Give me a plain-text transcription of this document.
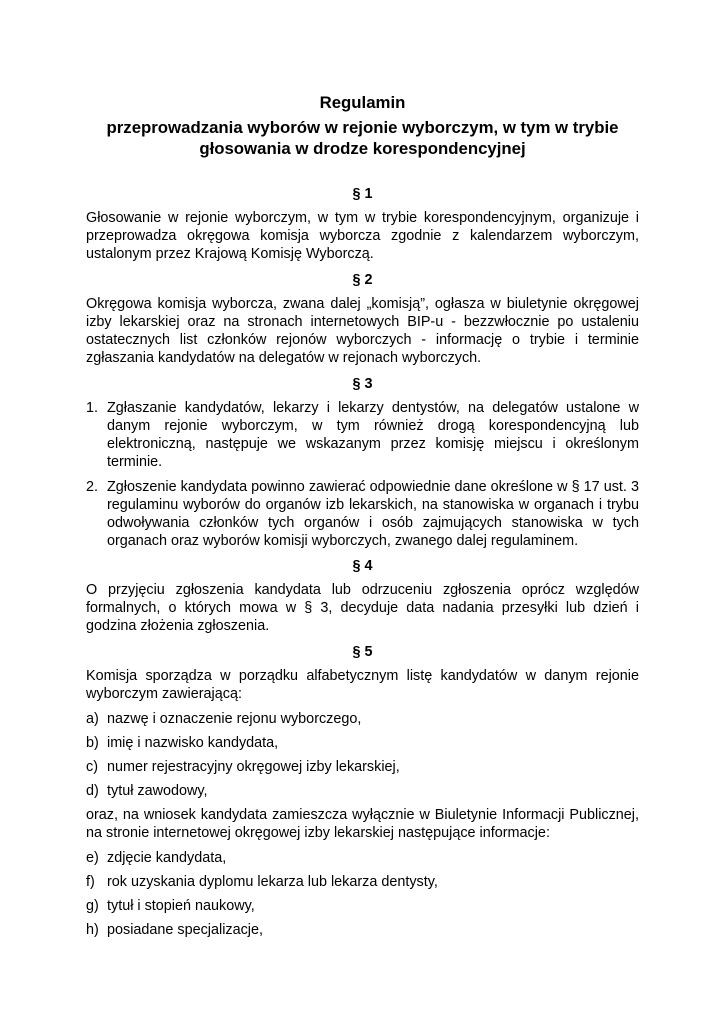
Regulamin
przeprowadzania wyborów w rejonie wyborczym, w tym w trybie głosowania w drodze korespondencyjnej

§ 1

Głosowanie w rejonie wyborczym, w tym w trybie korespondencyjnym, organizuje i przeprowadza okręgowa komisja wyborcza zgodnie z kalendarzem wyborczym, ustalonym przez Krajową Komisję Wyborczą.

§ 2

Okręgowa komisja wyborcza, zwana dalej „komisją”, ogłasza w biuletynie okręgowej izby lekarskiej oraz na stronach internetowych BIP-u - bezzwłocznie po ustaleniu ostatecznych list członków rejonów wyborczych - informację o trybie i terminie zgłaszania kandydatów na delegatów w rejonach wyborczych.

§ 3

1. Zgłaszanie kandydatów, lekarzy i lekarzy dentystów, na delegatów ustalone w danym rejonie wyborczym, w tym również drogą korespondencyjną lub elektroniczną, następuje we wskazanym przez komisję miejscu i określonym terminie.
2. Zgłoszenie kandydata powinno zawierać odpowiednie dane określone w § 17 ust. 3 regulaminu wyborów do organów izb lekarskich, na stanowiska w organach i trybu odwoływania członków tych organów i osób zajmujących stanowiska w tych organach oraz wyborów komisji wyborczych, zwanego dalej regulaminem.

§ 4

O przyjęciu zgłoszenia kandydata lub odrzuceniu zgłoszenia oprócz względów formalnych, o których mowa w § 3, decyduje data nadania przesyłki lub dzień i godzina złożenia zgłoszenia.

§ 5

Komisja sporządza w porządku alfabetycznym listę kandydatów w danym rejonie wyborczym zawierającą:

a) nazwę i oznaczenie rejonu wyborczego,
b) imię i nazwisko kandydata,
c) numer rejestracyjny okręgowej izby lekarskiej,
d) tytuł zawodowy,

oraz, na wniosek kandydata zamieszcza wyłącznie w Biuletynie Informacji Publicznej, na stronie internetowej okręgowej izby lekarskiej następujące informacje:

e) zdjęcie kandydata,
f) rok uzyskania dyplomu lekarza lub lekarza dentysty,
g) tytuł i stopień naukowy,
h) posiadane specjalizacje,
